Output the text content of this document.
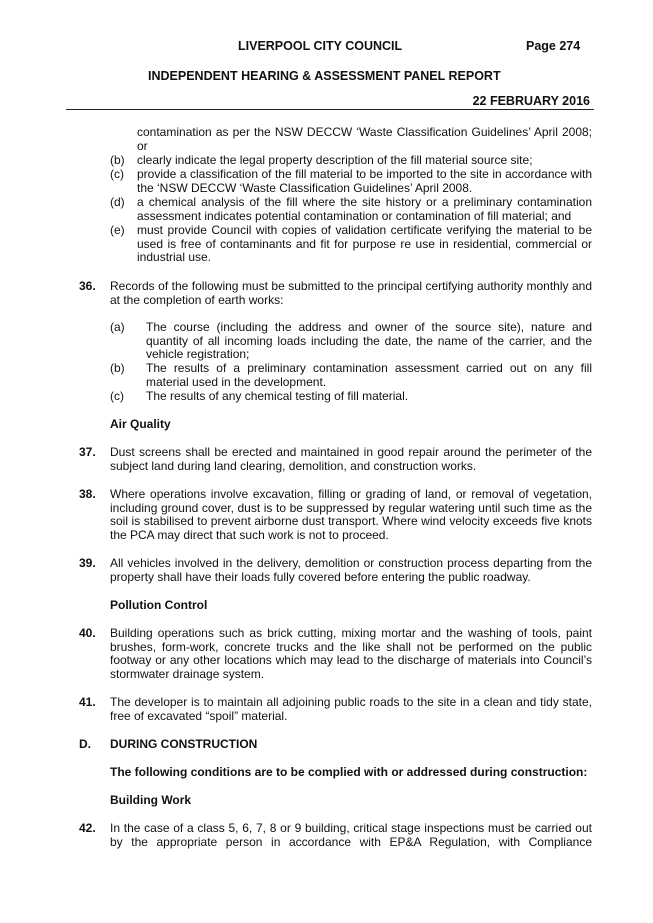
LIVERPOOL CITY COUNCIL	Page 274
INDEPENDENT HEARING & ASSESSMENT PANEL REPORT
22 FEBRUARY 2016
contamination as per the NSW DECCW ‘Waste Classification Guidelines’ April 2008; or
(b) clearly indicate the legal property description of the fill material source site;
(c) provide a classification of the fill material to be imported to the site in accordance with the ‘NSW DECCW ‘Waste Classification Guidelines’ April 2008.
(d) a chemical analysis of the fill where the site history or a preliminary contamination assessment indicates potential contamination or contamination of fill material; and
(e) must provide Council with copies of validation certificate verifying the material to be used is free of contaminants and fit for purpose re use in residential, commercial or industrial use.
36. Records of the following must be submitted to the principal certifying authority monthly and at the completion of earth works:
(a) The course (including the address and owner of the source site), nature and quantity of all incoming loads including the date, the name of the carrier, and the vehicle registration;
(b) The results of a preliminary contamination assessment carried out on any fill material used in the development.
(c) The results of any chemical testing of fill material.
Air Quality
37. Dust screens shall be erected and maintained in good repair around the perimeter of the subject land during land clearing, demolition, and construction works.
38. Where operations involve excavation, filling or grading of land, or removal of vegetation, including ground cover, dust is to be suppressed by regular watering until such time as the soil is stabilised to prevent airborne dust transport. Where wind velocity exceeds five knots the PCA may direct that such work is not to proceed.
39. All vehicles involved in the delivery, demolition or construction process departing from the property shall have their loads fully covered before entering the public roadway.
Pollution Control
40. Building operations such as brick cutting, mixing mortar and the washing of tools, paint brushes, form-work, concrete trucks and the like shall not be performed on the public footway or any other locations which may lead to the discharge of materials into Council’s stormwater drainage system.
41. The developer is to maintain all adjoining public roads to the site in a clean and tidy state, free of excavated “spoil” material.
D. DURING CONSTRUCTION
The following conditions are to be complied with or addressed during construction:
Building Work
42. In the case of a class 5, 6, 7, 8 or 9 building, critical stage inspections must be carried out by the appropriate person in accordance with EP&A Regulation, with Compliance
